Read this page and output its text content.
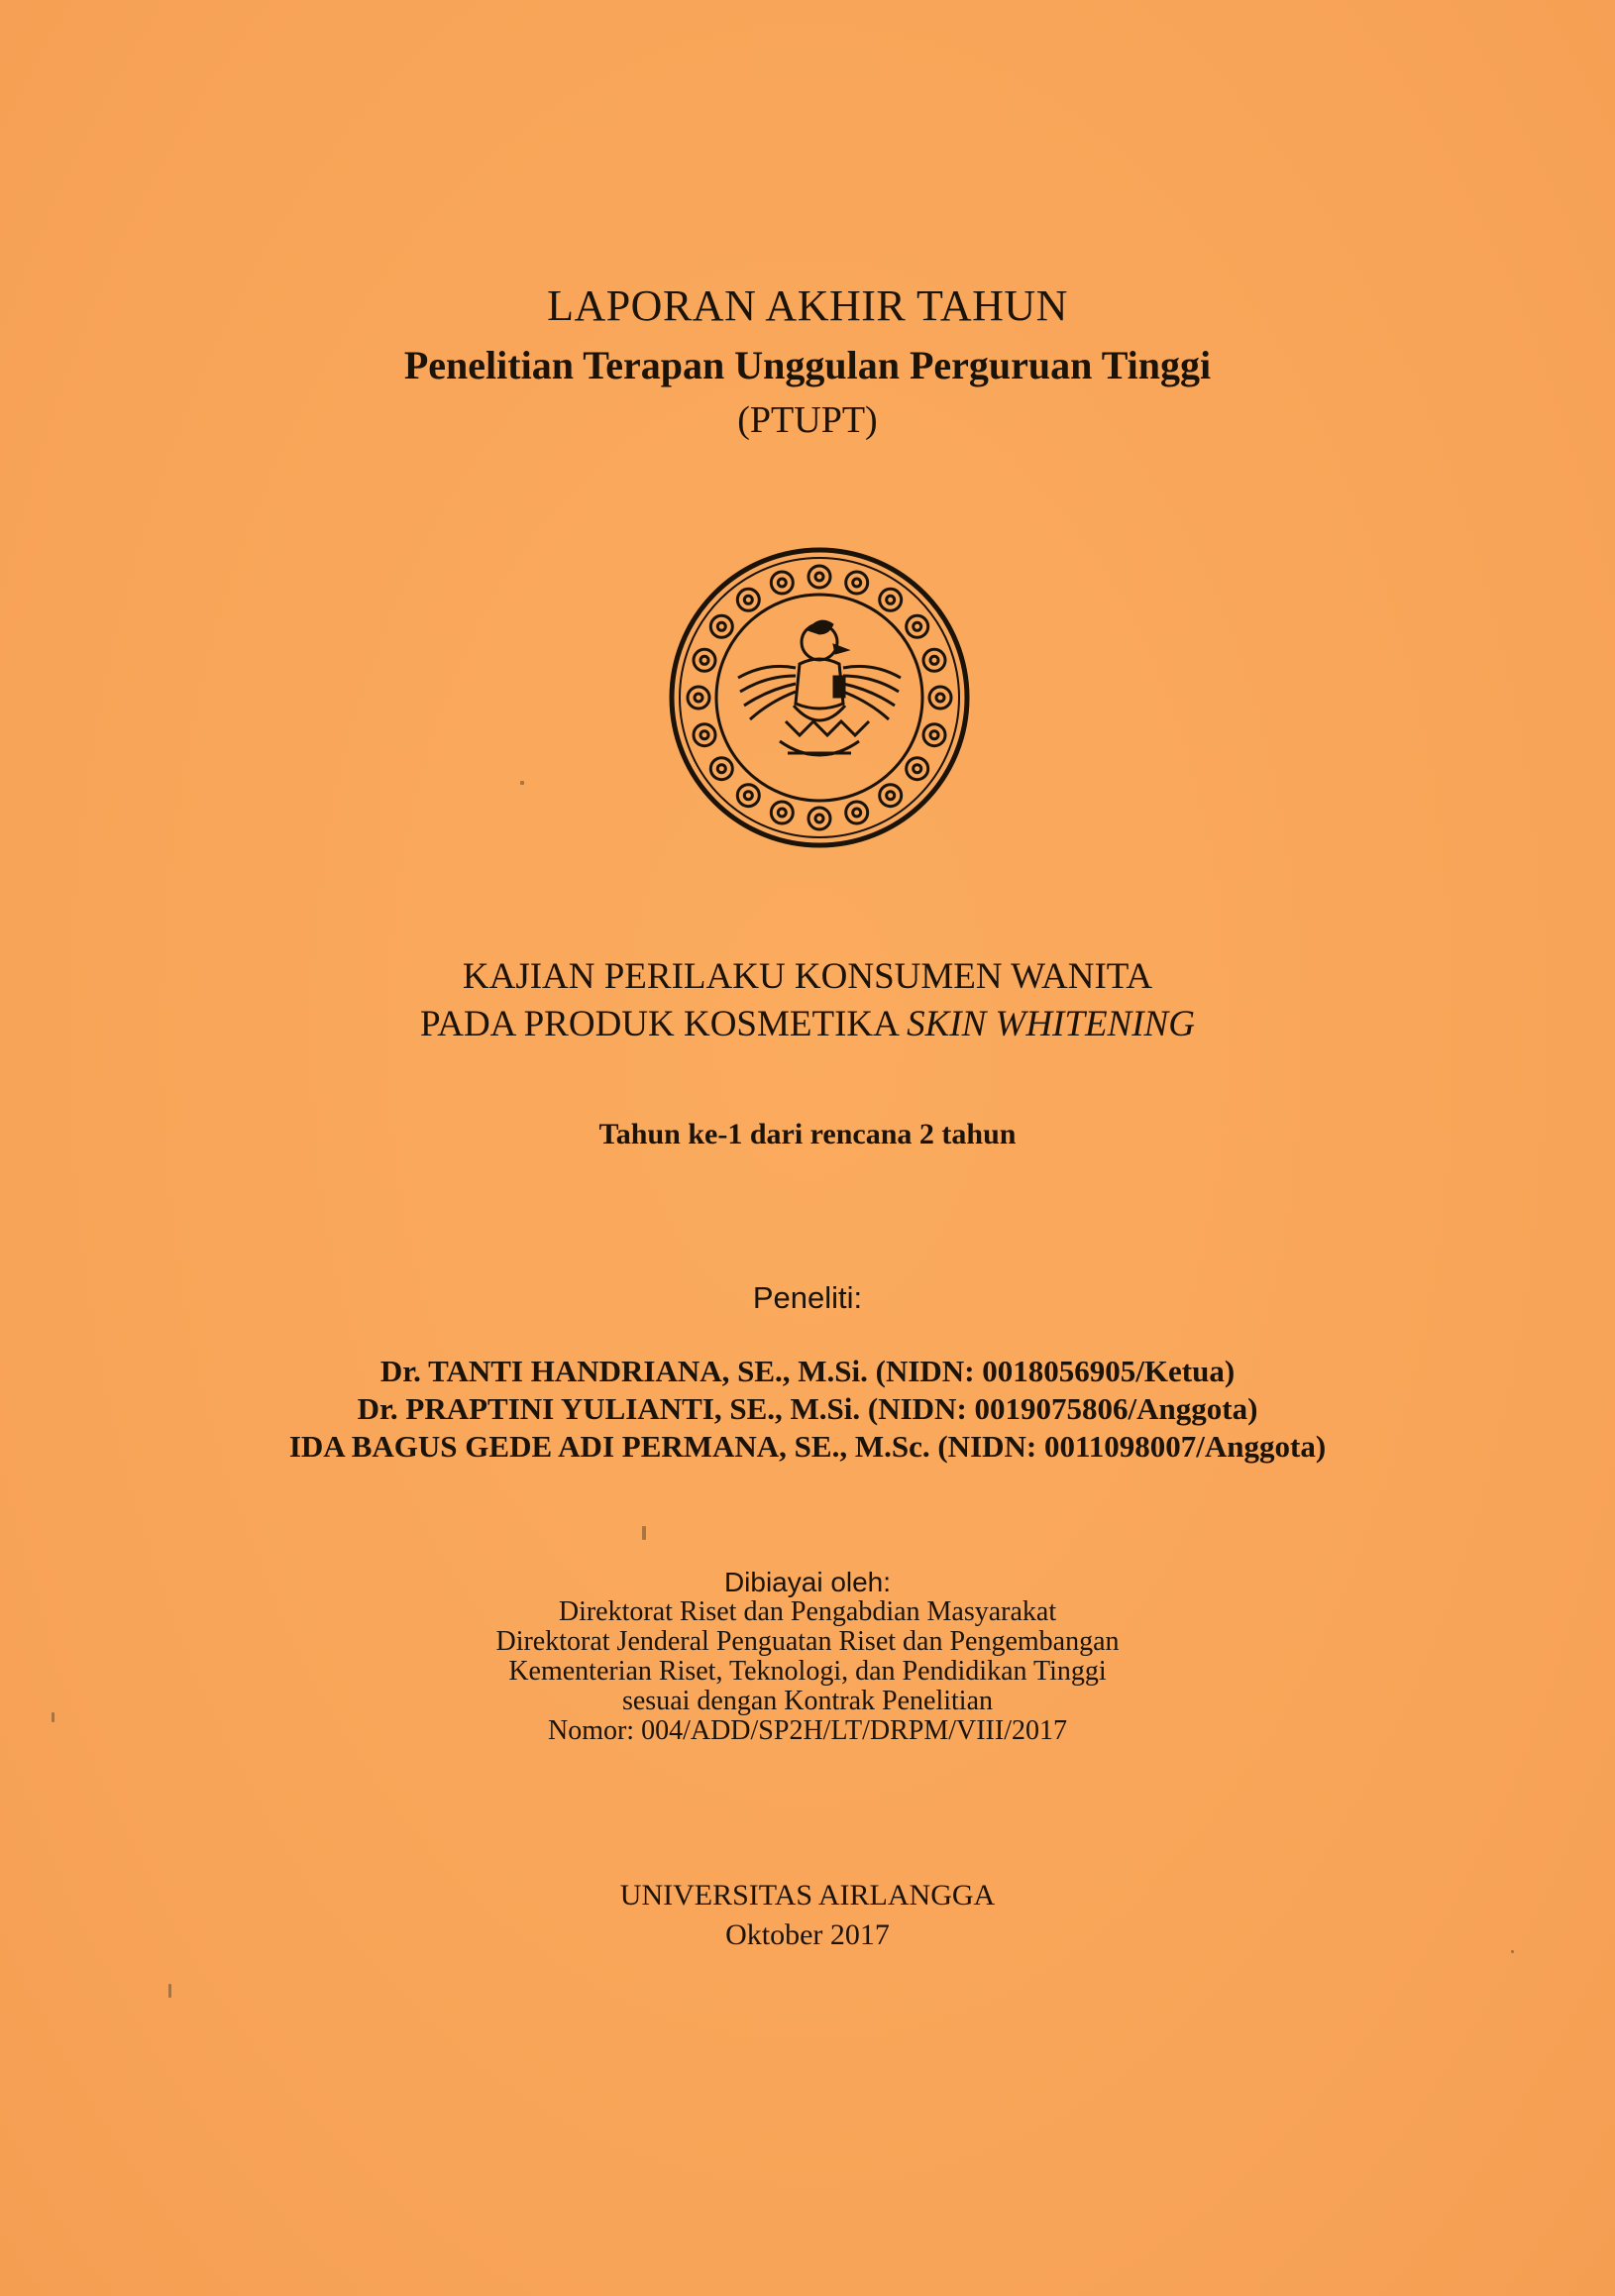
LAPORAN AKHIR TAHUN
Penelitian Terapan Unggulan Perguruan Tinggi
(PTUPT)
KAJIAN PERILAKU KONSUMEN WANITA
PADA PRODUK KOSMETIKA SKIN WHITENING
Tahun ke-1 dari rencana 2 tahun
Peneliti:
Dr. TANTI HANDRIANA, SE., M.Si. (NIDN: 0018056905/Ketua)
Dr. PRAPTINI YULIANTI, SE., M.Si. (NIDN: 0019075806/Anggota)
IDA BAGUS GEDE ADI PERMANA, SE., M.Sc. (NIDN: 0011098007/Anggota)
Dibiayai oleh:
Direktorat Riset dan Pengabdian Masyarakat
Direktorat Jenderal Penguatan Riset dan Pengembangan
Kementerian Riset, Teknologi, dan Pendidikan Tinggi
sesuai dengan Kontrak Penelitian
Nomor: 004/ADD/SP2H/LT/DRPM/VIII/2017
UNIVERSITAS AIRLANGGA
Oktober 2017
